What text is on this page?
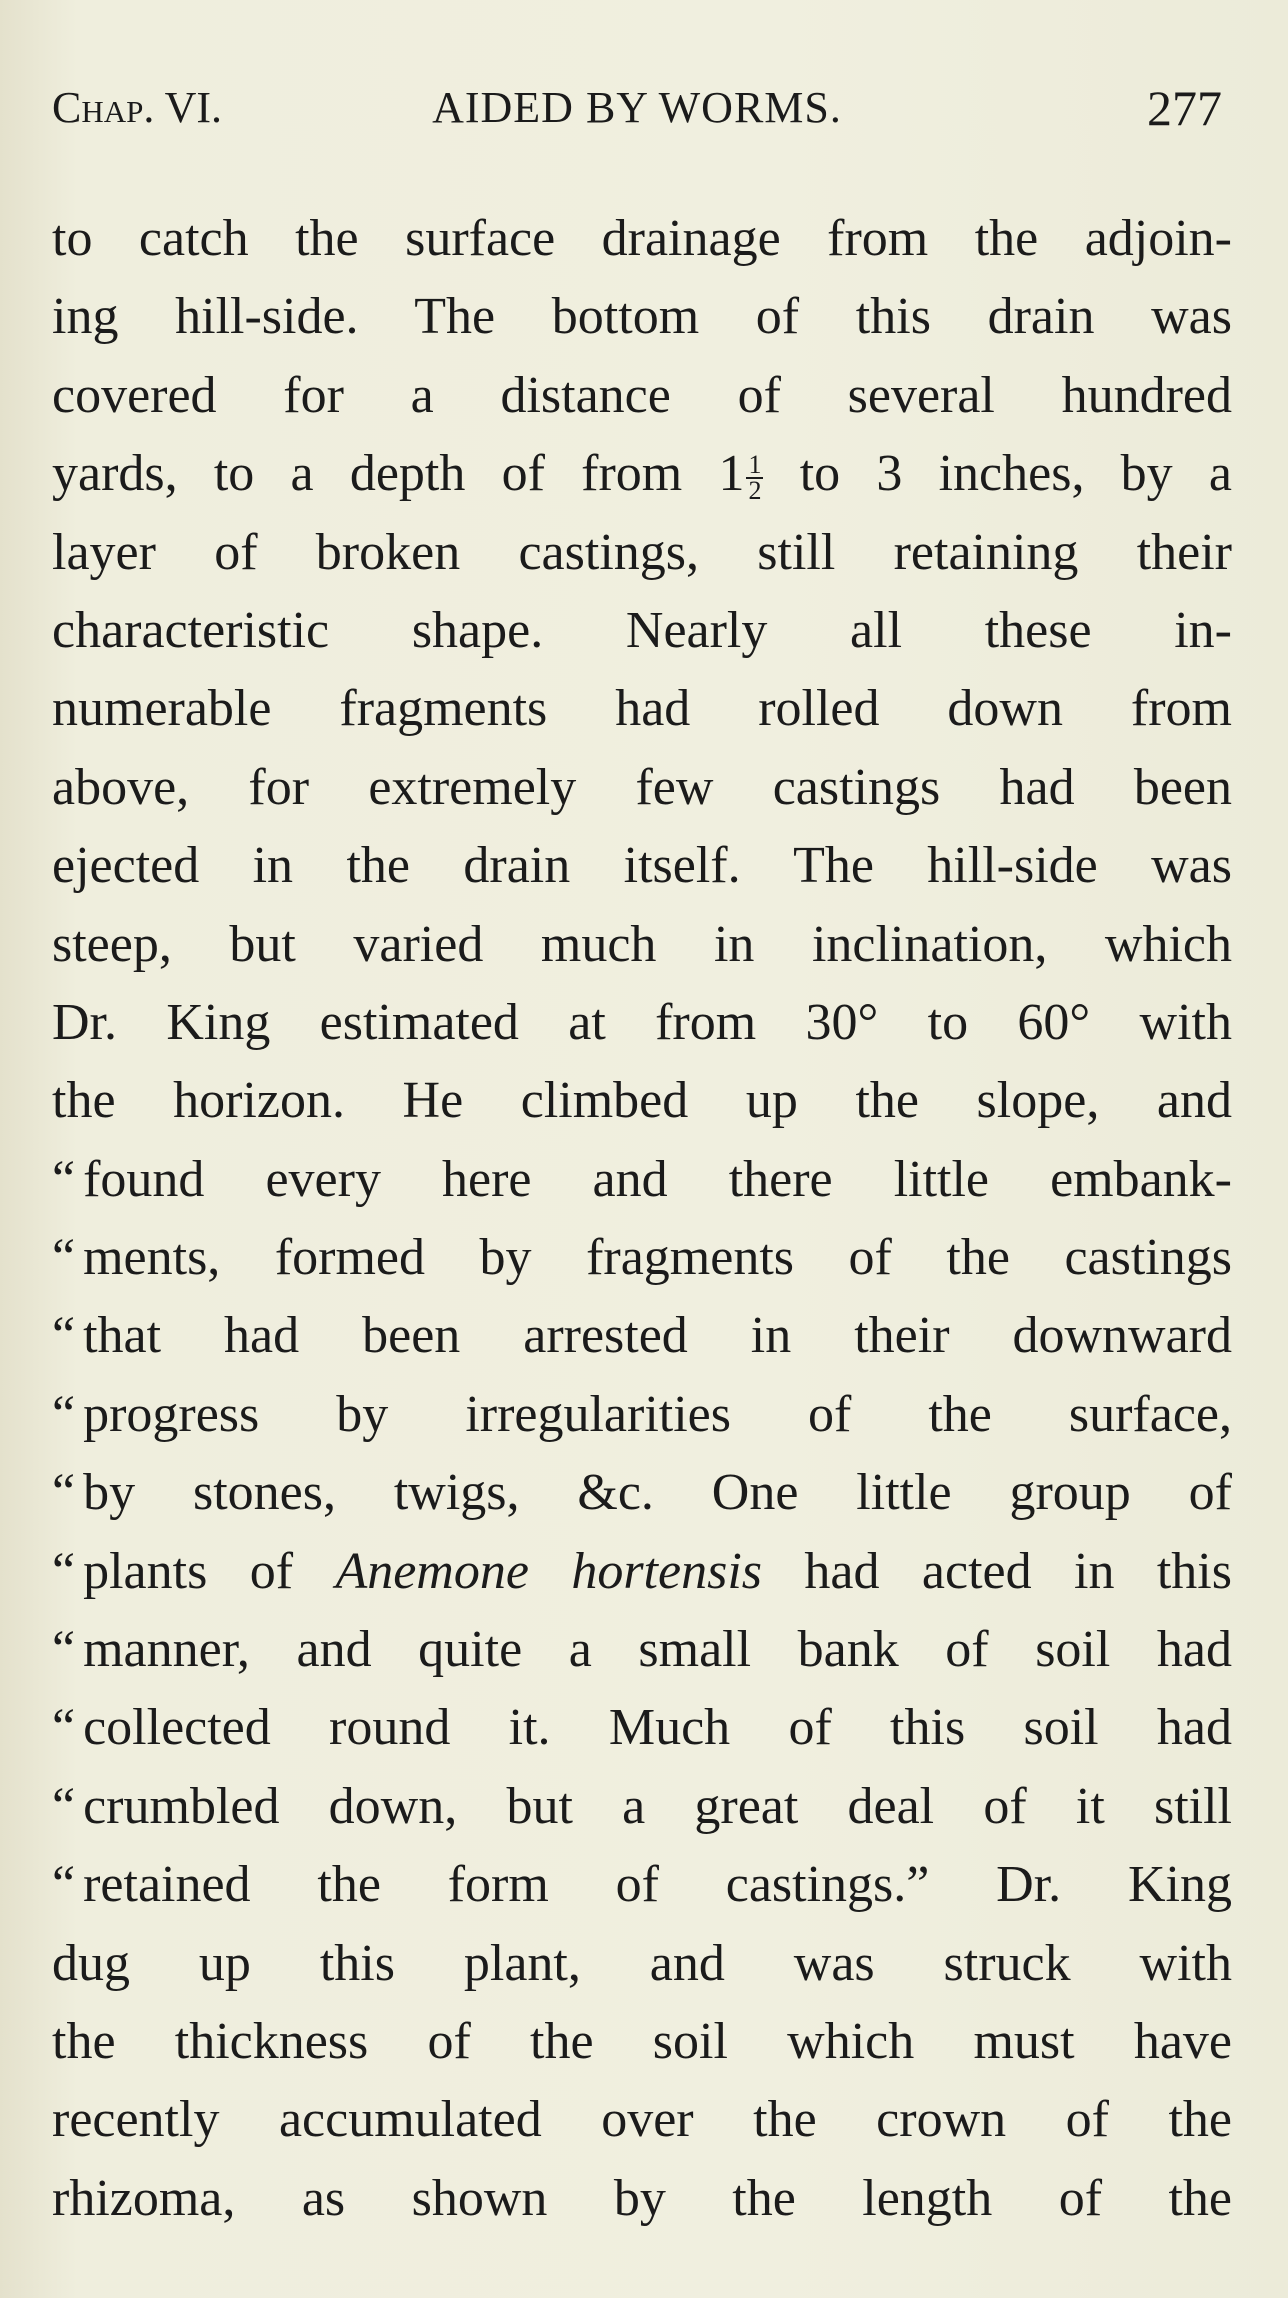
Chap. VI.	AIDED BY WORMS.	277
to catch the surface drainage from the adjoin-
ing hill-side. The bottom of this drain was
covered for a distance of several hundred
yards, to a depth of from $1 \frac{1}{2}$ to 3 inches, by a
layer of broken castings, still retaining their
characteristic shape. Nearly all these in-
numerable fragments had rolled down from
above, for extremely few castings had been
ejected in the drain itself. The hill-side was
steep, but varied much in inclination, which
Dr. King estimated at from 30° to 60° with
the horizon. He climbed up the slope, and
“ found every here and there little embank-
“ ments, formed by fragments of the castings
“ that had been arrested in their downward
“ progress by irregularities of the surface,
“ by stones, twigs, &c. One little group of
“ plants of Anemone hortensis had acted in this
“ manner, and quite a small bank of soil had
“ collected round it. Much of this soil had
“ crumbled down, but a great deal of it still
“ retained the form of castings.” Dr. King
dug up this plant, and was struck with
the thickness of the soil which must have
recently accumulated over the crown of the
rhizoma, as shown by the length of the
